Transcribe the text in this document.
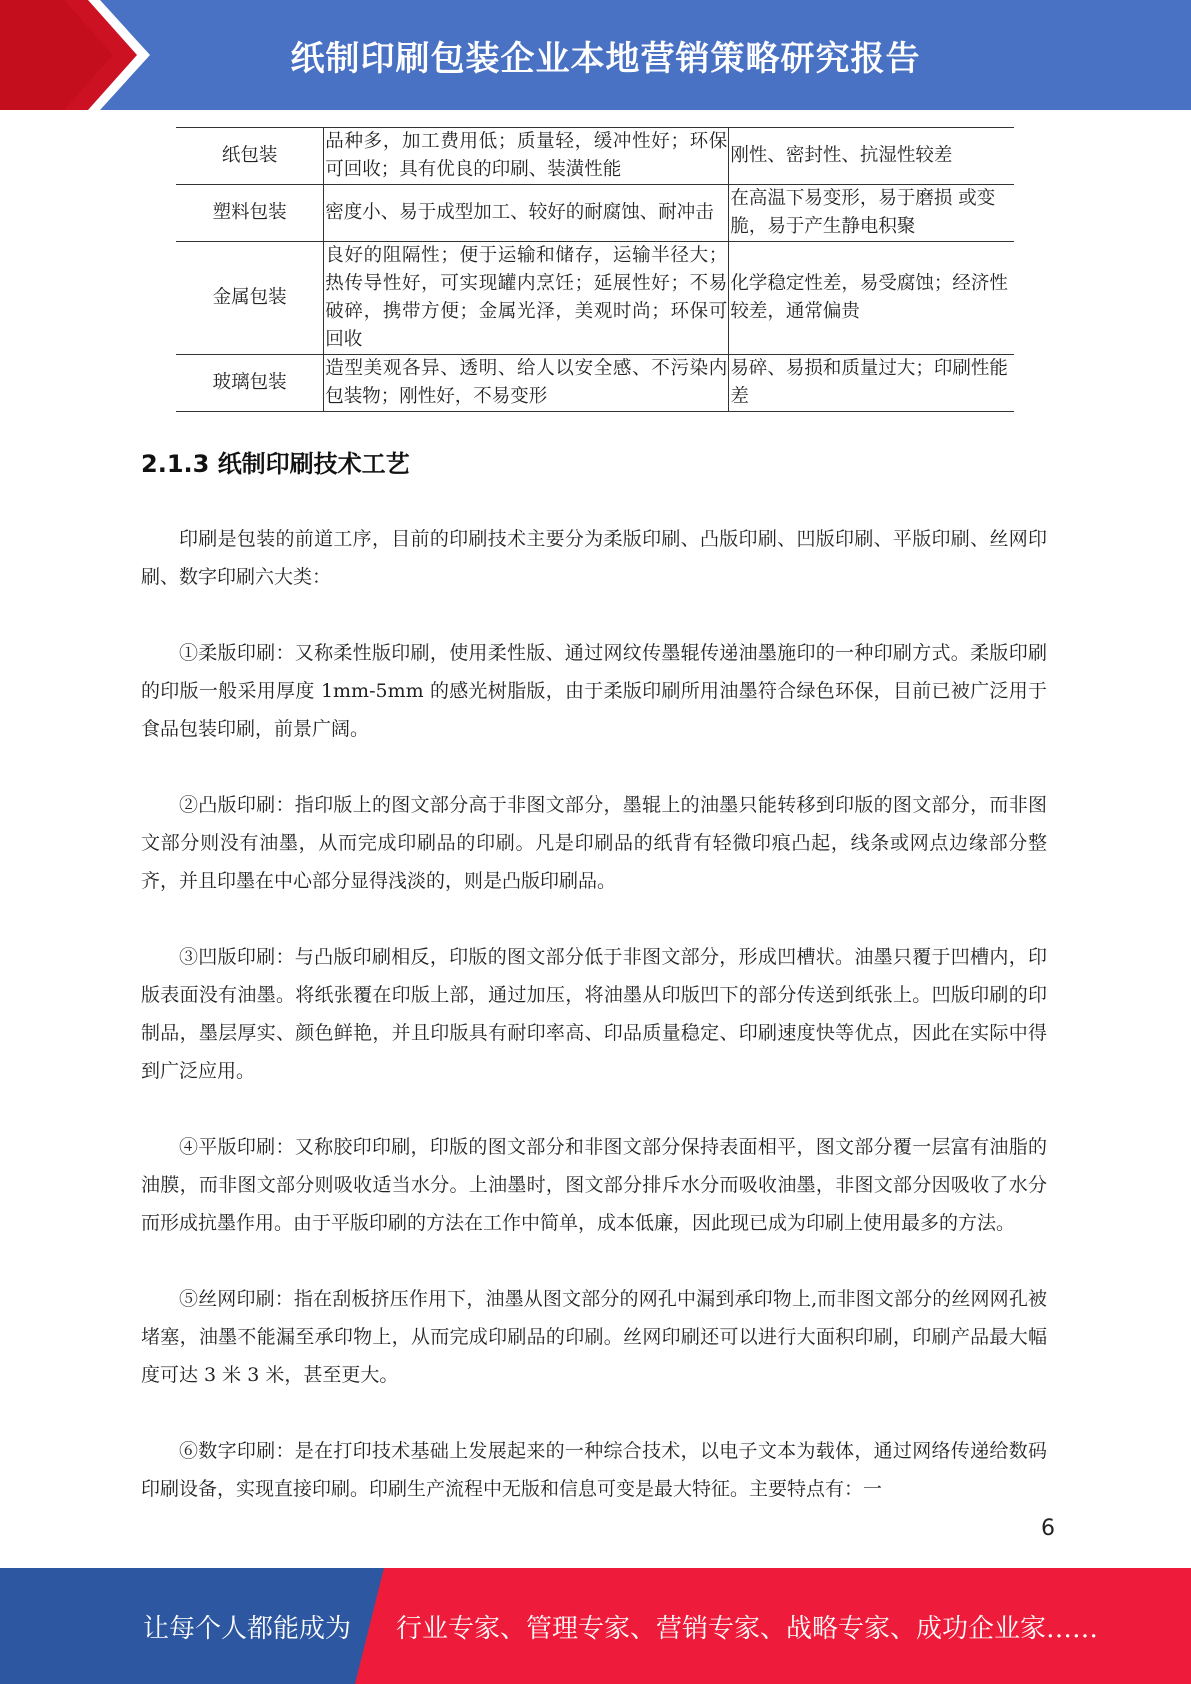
纸制印刷包装企业本地营销策略研究报告
纸包装	品种多，加工费用低；质量轻，缓冲性好；环保可回收；具有优良的印刷、装潢性能	刚性、密封性、抗湿性较差
塑料包装	密度小、易于成型加工、较好的耐腐蚀、耐冲击	在高温下易变形，易于磨损 或变脆，易于产生静电积聚
金属包装	良好的阻隔性；便于运输和储存，运输半径大；热传导性好，可实现罐内烹饪；延展性好；不易破碎，携带方便；金属光泽，美观时尚；环保可回收	化学稳定性差，易受腐蚀；经济性较差，通常偏贵
玻璃包装	造型美观各异、透明、给人以安全感、不污染内包装物；刚性好，不易变形	易碎、易损和质量过大；印刷性能差
2.1.3 纸制印刷技术工艺

印刷是包装的前道工序，目前的印刷技术主要分为柔版印刷、凸版印刷、凹版印刷、平版印刷、丝网印刷、数字印刷六大类：

①柔版印刷：又称柔性版印刷，使用柔性版、通过网纹传墨辊传递油墨施印的一种印刷方式。柔版印刷的印版一般采用厚度 1mm-5mm 的感光树脂版，由于柔版印刷所用油墨符合绿色环保，目前已被广泛用于食品包装印刷，前景广阔。

②凸版印刷：指印版上的图文部分高于非图文部分，墨辊上的油墨只能转移到印版的图文部分，而非图文部分则没有油墨，从而完成印刷品的印刷。凡是印刷品的纸背有轻微印痕凸起，线条或网点边缘部分整齐，并且印墨在中心部分显得浅淡的，则是凸版印刷品。

③凹版印刷：与凸版印刷相反，印版的图文部分低于非图文部分，形成凹槽状。油墨只覆于凹槽内，印版表面没有油墨。将纸张覆在印版上部，通过加压，将油墨从印版凹下的部分传送到纸张上。凹版印刷的印制品，墨层厚实、颜色鲜艳，并且印版具有耐印率高、印品质量稳定、印刷速度快等优点，因此在实际中得到广泛应用。

④平版印刷：又称胶印印刷，印版的图文部分和非图文部分保持表面相平，图文部分覆一层富有油脂的油膜，而非图文部分则吸收适当水分。上油墨时，图文部分排斥水分而吸收油墨，非图文部分因吸收了水分而形成抗墨作用。由于平版印刷的方法在工作中简单，成本低廉，因此现已成为印刷上使用最多的方法。

⑤丝网印刷：指在刮板挤压作用下，油墨从图文部分的网孔中漏到承印物上,而非图文部分的丝网网孔被堵塞，油墨不能漏至承印物上，从而完成印刷品的印刷。丝网印刷还可以进行大面积印刷，印刷产品最大幅度可达 3 米 3 米，甚至更大。

⑥数字印刷：是在打印技术基础上发展起来的一种综合技术，以电子文本为载体，通过网络传递给数码印刷设备，实现直接印刷。印刷生产流程中无版和信息可变是最大特征。主要特点有：一

6
让每个人都能成为 行业专家、管理专家、营销专家、战略专家、成功企业家……
